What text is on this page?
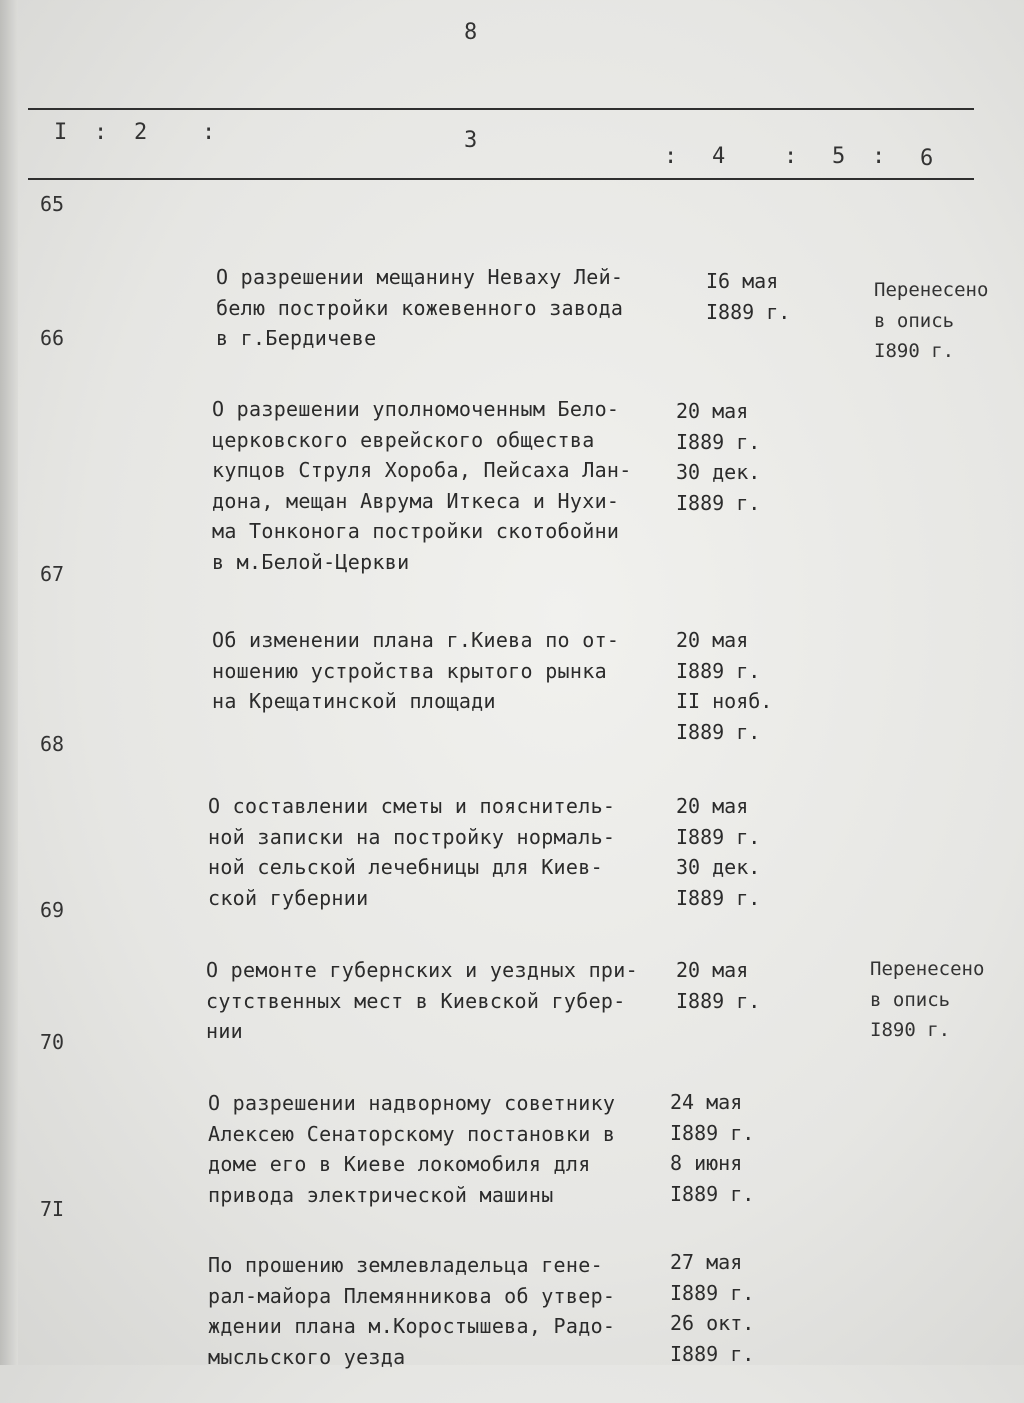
8
I : 2 :	3
: 4	: 5 : 6
65

О разрешении мещанину Неваху Лей-
белю постройки кожевенного завода
в г.Бердичеве

I6 мая
I889 г.

Перенесено
в опись
I890 г.

66

О разрешении уполномоченным Бело-
церковского еврейского общества
купцов Струля Хороба, Пейсаха Лан-
дона, мещан Аврума Иткеса и Нухи-
ма Тонконога постройки скотобойни
в м.Белой-Церкви

20 мая
I889 г.
30 дек.
I889 г.

67

Об изменении плана г.Киева по от-
ношению устройства крытого рынка
на Крещатинской площади

20 мая
I889 г.
II нояб.
I889 г.

68

О составлении сметы и пояснитель-
ной записки на постройку нормаль-
ной сельской лечебницы для Киев-
ской губернии

20 мая
I889 г.
30 дек.
I889 г.

69

О ремонте губернских и уездных при-
сутственных мест в Киевской губер-
нии

20 мая
I889 г.

Перенесено
в опись
I890 г.

70

О разрешении надворному советнику
Алексею Сенаторскому постановки в
доме его в Киеве локомобиля для
привода электрической машины

24 мая
I889 г.
8 июня
I889 г.

7I

По прошению землевладельца гене-
рал-майора Племянникова об утвер-
ждении плана м.Коростышева, Радо-
мысльского уезда

27 мая
I889 г.
26 окт.
I889 г.
